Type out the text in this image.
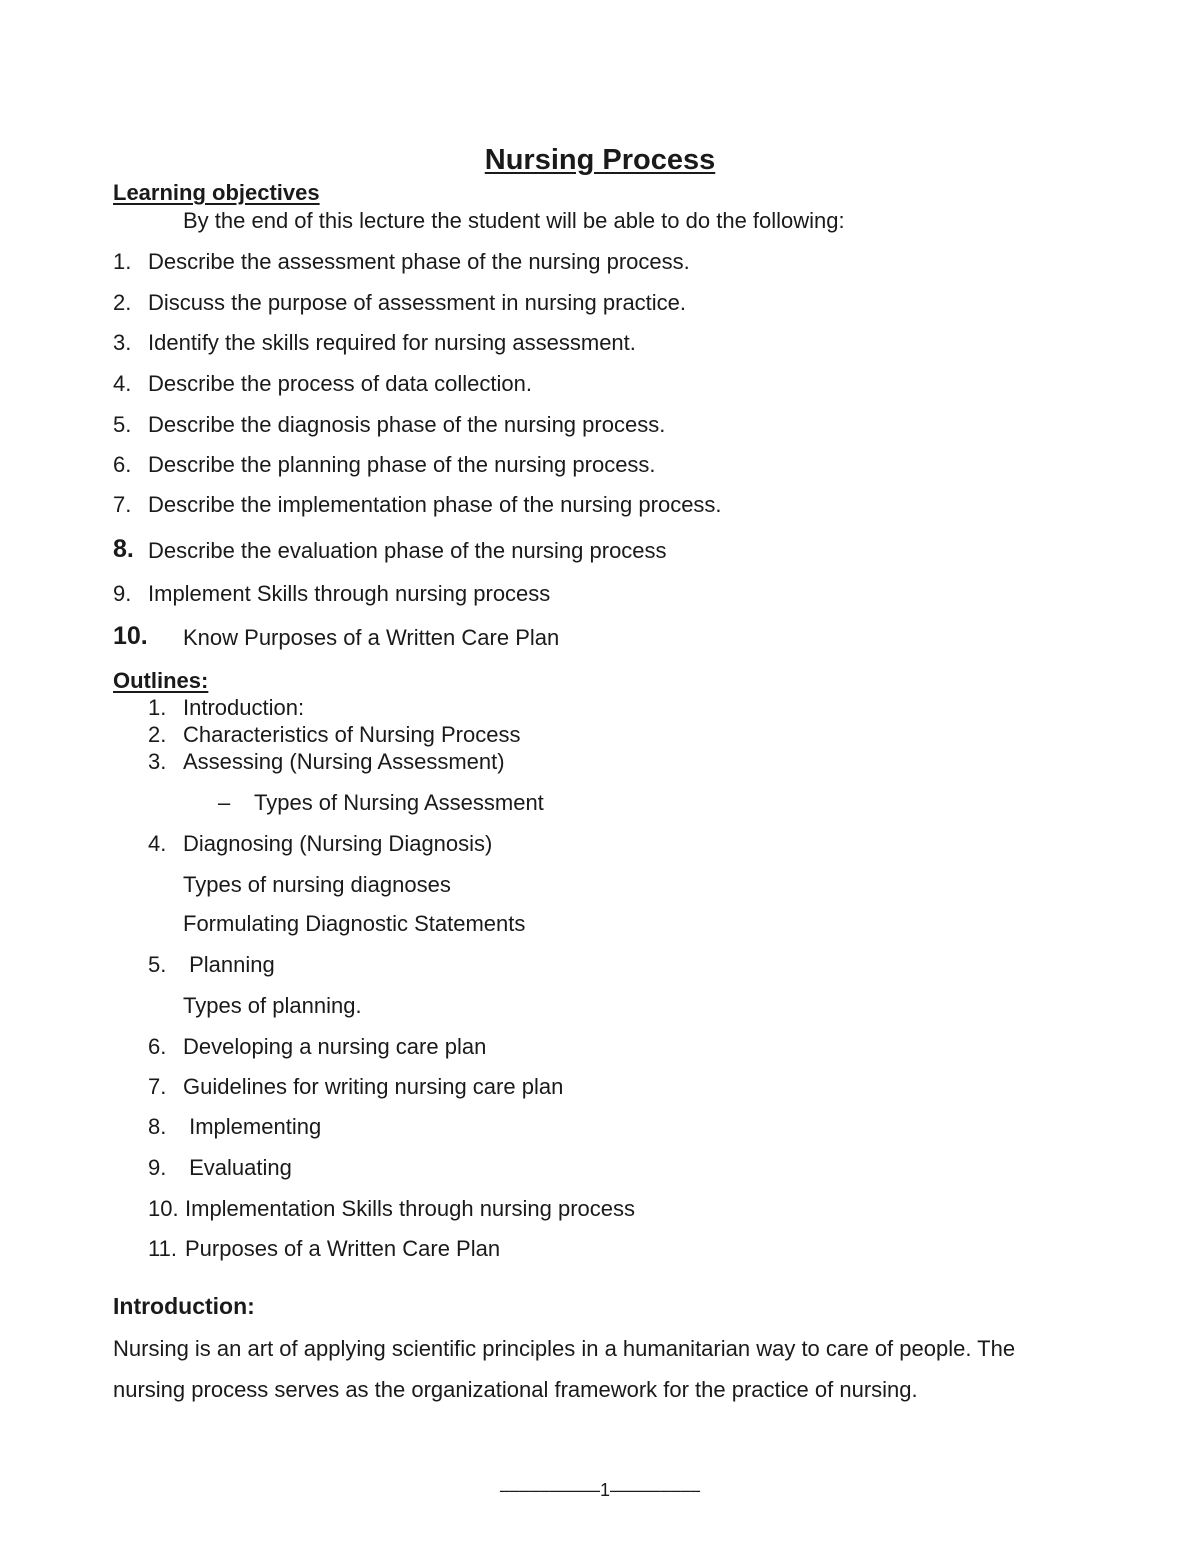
Nursing Process
Learning objectives
By the end of this lecture the student will be able to do the following:
1. Describe the assessment phase of the nursing process.
2. Discuss the purpose of assessment in nursing practice.
3. Identify the skills required for nursing assessment.
4. Describe the process of data collection.
5. Describe the diagnosis phase of the nursing process.
6. Describe the planning phase of the nursing process.
7. Describe the implementation phase of the nursing process.
8. Describe the evaluation phase of the nursing process
9. Implement Skills through nursing process
10. Know Purposes of a Written Care Plan
Outlines:
1. Introduction:
2. Characteristics of Nursing Process
3. Assessing (Nursing Assessment)
– Types of Nursing Assessment
4. Diagnosing (Nursing Diagnosis)
Types of nursing diagnoses
Formulating Diagnostic Statements
5. Planning
Types of planning.
6. Developing a nursing care plan
7. Guidelines for writing nursing care plan
8. Implementing
9. Evaluating
10. Implementation Skills through nursing process
11. Purposes of a Written Care Plan
Introduction:
Nursing is an art of applying scientific principles in a humanitarian way to care of people. The
nursing process serves as the organizational framework for the practice of nursing.
––––––––––1–––––––––
